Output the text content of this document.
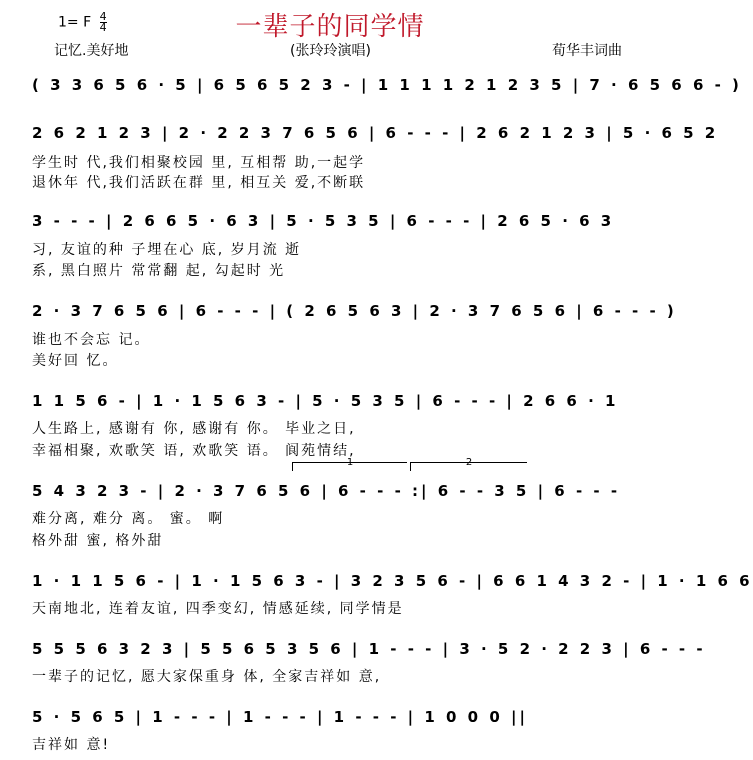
1= F $\frac{4}{4}$	一辈子的同学情
记忆.美好地	(张玲玲演唱)	荀华丰词曲
( 3 3 6 5 6 · 5 | 6 5 6 5 2 3 - | 1 1 1 1 2 1 2 3 5 | 7 · 6 5 6 6 - )
2 6 2 1 2 3 | 2 · 2 2 3 7 6 5 6 | 6 - - - | 2 6 2 1 2 3 | 5 · 6 5 2
学生时 代,我们相聚校园 里, 互相帮 助,一起学
退休年 代,我们活跃在群 里, 相互关 爱,不断联
3 - - - | 2 6 6 5 · 6 3 | 5 · 5 3 5 | 6 - - - | 2 6 5 · 6 3
习, 友谊的种 子埋在心 底, 岁月流 逝
系, 黑白照片 常常翻 起, 勾起时 光
2 · 3 7 6 5 6 | 6 - - - | ( 2 6 5 6 3 | 2 · 3 7 6 5 6 | 6 - - - )
谁也不会忘 记。
美好回 忆。
1 1 5 6 - | 1 · 1 5 6 3 - | 5 · 5 3 5 | 6 - - - | 2 6 6 · 1
人生路上, 感谢有 你, 感谢有 你。 毕业之日,
幸福相聚, 欢歌笑 语, 欢歌笑 语。 阆苑情结,
1	2
5 4 3 2 3 - | 2 · 3 7 6 5 6 | 6 - - - :| 6 - - 3 5 | 6 - - -
难分离, 难分 离。 蜜。 啊
格外甜 蜜, 格外甜
1 · 1 1 5 6 - | 1 · 1 5 6 3 - | 3 2 3 5 6 - | 6 6 1 4 3 2 - | 1 · 1 6 6
天南地北, 连着友谊, 四季变幻, 情感延续, 同学情是
5 5 5 6 3 2 3 | 5 5 6 5 3 5 6 | 1 - - - | 3 · 5 2 · 2 2 3 | 6 - - -
一辈子的记忆, 愿大家保重身 体, 全家吉祥如 意,
5 · 5 6 5 | 1 - - - | 1 - - - | 1 - - - | 1 0 0 0 ||
吉祥如 意!
